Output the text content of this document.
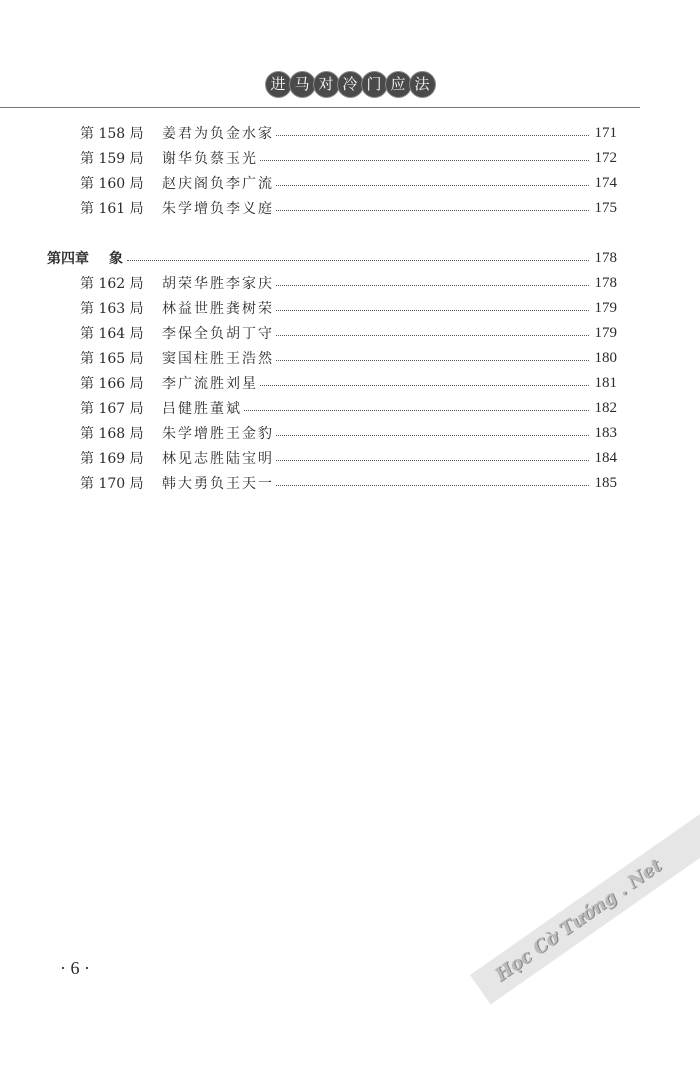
进 马 对 冷 门 应 法
第 158 局	姜君为负金水家	171
第 159 局	谢华负蔡玉光	172
第 160 局	赵庆阁负李广流	174
第 161 局	朱学增负李义庭	175
第四章	象	178
第 162 局	胡荣华胜李家庆	178
第 163 局	林益世胜龚树荣	179
第 164 局	李保全负胡丁守	179
第 165 局	窦国柱胜王浩然	180
第 166 局	李广流胜刘星	181
第 167 局	吕健胜董斌	182
第 168 局	朱学增胜王金豹	183
第 169 局	林见志胜陆宝明	184
第 170 局	韩大勇负王天一	185
· 6 ·	Học Cờ Tướng . Net
